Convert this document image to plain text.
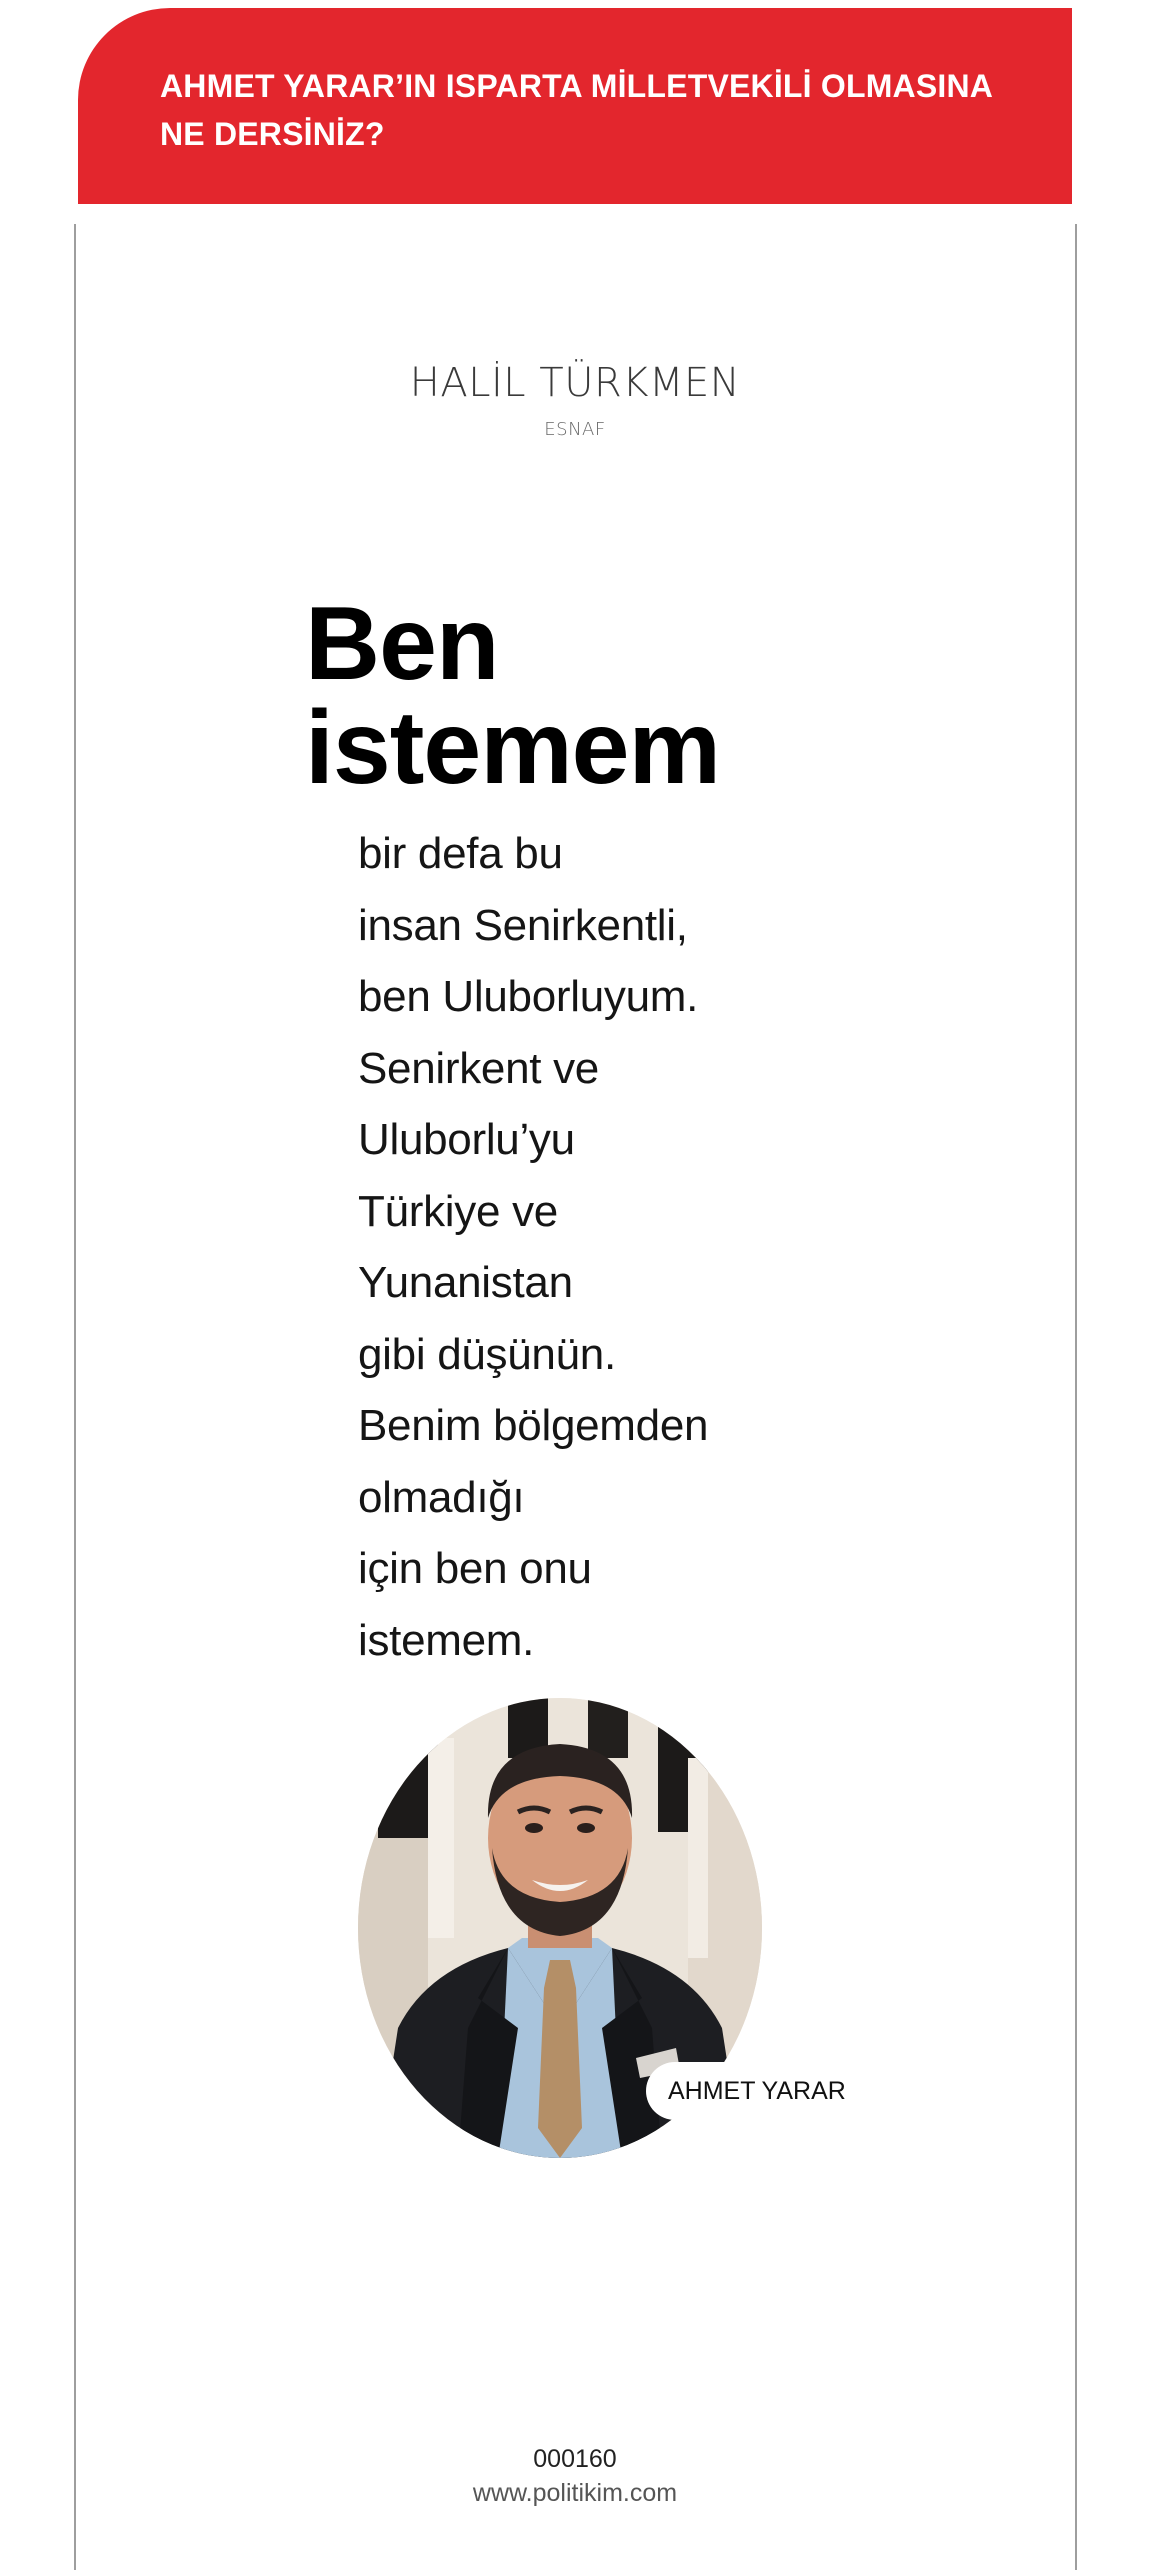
AHMET YARAR’IN ISPARTA MİLLETVEKİLİ OLMASINA
NE DERSİNİZ?

HALİL TÜRKMEN

ESNAF

Ben
istemem
bir defa bu
insan Senirkentli,
ben Uluborluyum.
Senirkent ve
Uluborlu’yu
Türkiye ve
Yunanistan
gibi düşünün.
Benim bölgemden
olmadığı
için ben onu
istemem.
AHMET YARAR

000160

www.politikim.com
